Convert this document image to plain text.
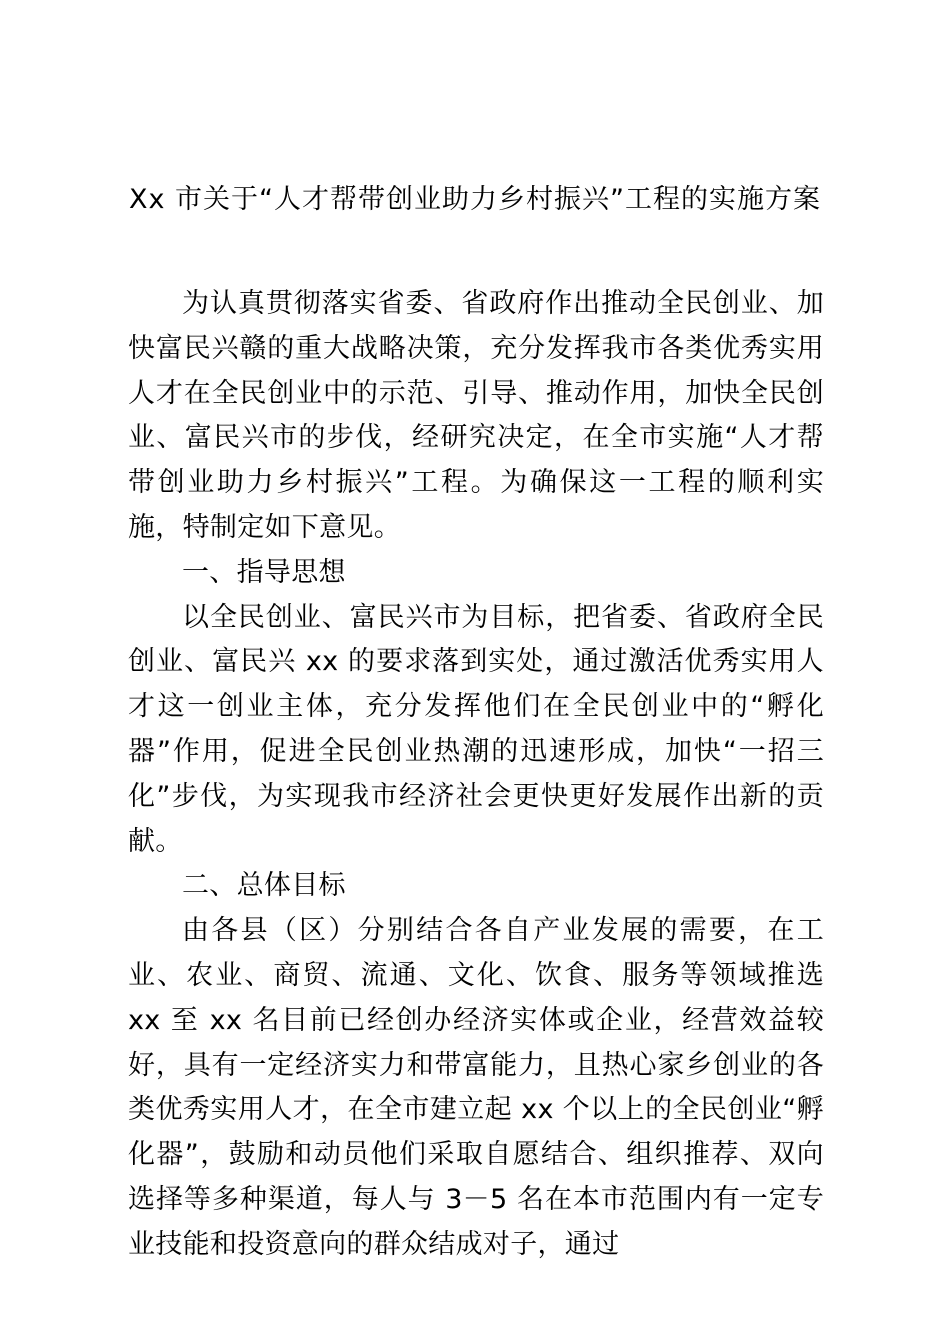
Xx 市关于“人才帮带创业助力乡村振兴”工程的实施方案

为认真贯彻落实省委、省政府作出推动全民创业、加快富民兴赣的重大战略决策，充分发挥我市各类优秀实用人才在全民创业中的示范、引导、推动作用，加快全民创业、富民兴市的步伐，经研究决定，在全市实施“人才帮带创业助力乡村振兴”工程。为确保这一工程的顺利实施，特制定如下意见。

一、指导思想

以全民创业、富民兴市为目标，把省委、省政府全民创业、富民兴 xx 的要求落到实处，通过激活优秀实用人才这一创业主体，充分发挥他们在全民创业中的“孵化器”作用，促进全民创业热潮的迅速形成，加快“一招三化”步伐，为实现我市经济社会更快更好发展作出新的贡献。

二、总体目标

由各县（区）分别结合各自产业发展的需要，在工业、农业、商贸、流通、文化、饮食、服务等领域推选 xx 至 xx 名目前已经创办经济实体或企业，经营效益较好，具有一定经济实力和带富能力，且热心家乡创业的各类优秀实用人才，在全市建立起 xx 个以上的全民创业“孵化器”，鼓励和动员他们采取自愿结合、组织推荐、双向选择等多种渠道，每人与 3－5 名在本市范围内有一定专业技能和投资意向的群众结成对子，通过
